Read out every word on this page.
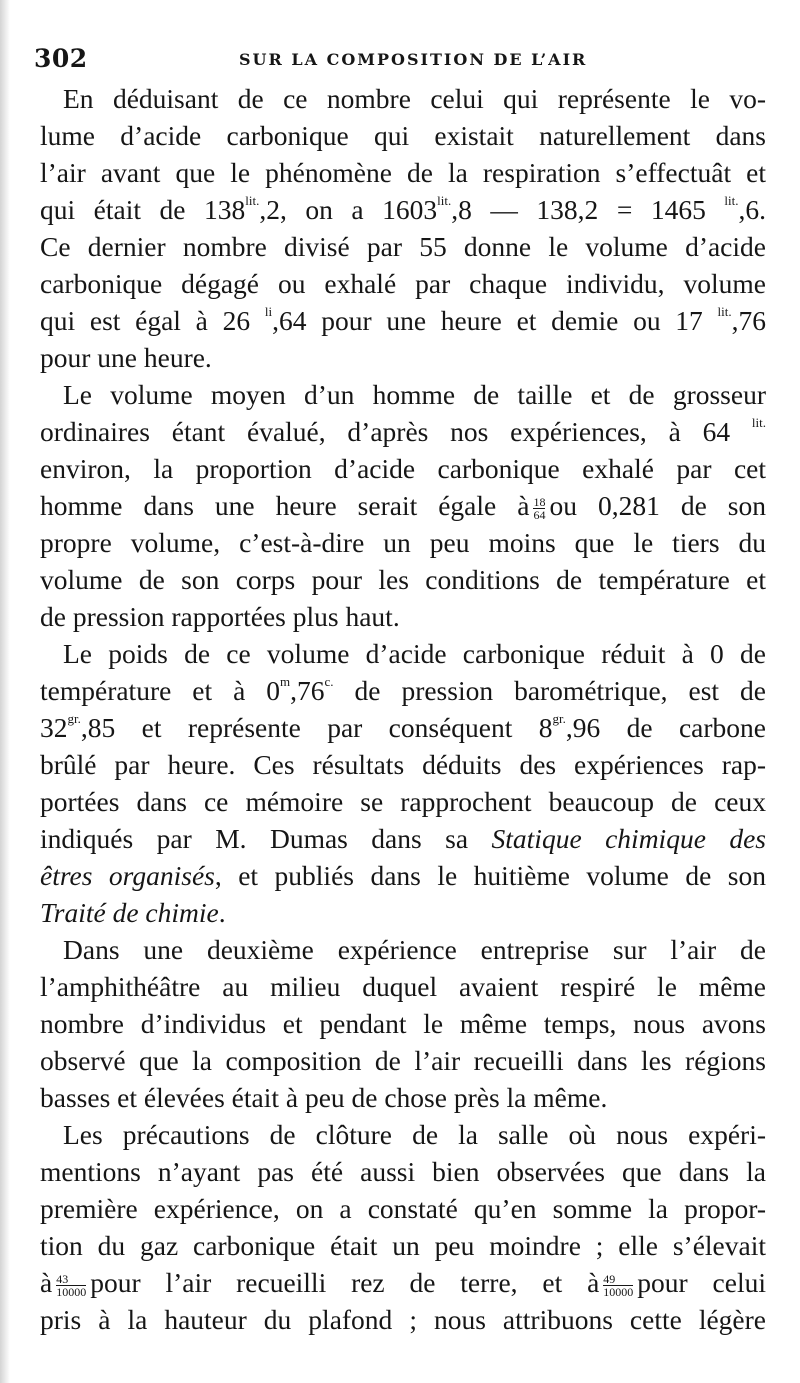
302	SUR LA COMPOSITION DE L’AIR
En déduisant de ce nombre celui qui représente le vo-
lume d’acide carbonique qui existait naturellement dans
l’air avant que le phénomène de la respiration s’effectuât et
qui était de $138^{lit.},2$, on a $1603^{lit.},8$ — 138,2 = 1465 $^{lit.}$,6.
Ce dernier nombre divisé par 55 donne le volume d’acide
carbonique dégagé ou exhalé par chaque individu, volume
qui est égal à 26 $^{li}$,64 pour une heure et demie ou 17 $^{lit.}$,76
pour une heure.
Le volume moyen d’un homme de taille et de grosseur
ordinaires étant évalué, d’après nos expériences, à 64 $^{lit.}$
environ, la proportion d’acide carbonique exhalé par cet
homme dans une heure serait égale à $\frac{18}{64}$ ou 0,281 de son
propre volume, c’est-à-dire un peu moins que le tiers du
volume de son corps pour les conditions de température et
de pression rapportées plus haut.
Le poids de ce volume d’acide carbonique réduit à 0 de
température et à $0^m,76^{c.}$ de pression barométrique, est de
$32^{gr.},85$ et représente par conséquent $8^{gr.},96$ de carbone
brûlé par heure. Ces résultats déduits des expériences rap-
portées dans ce mémoire se rapprochent beaucoup de ceux
indiqués par M. Dumas dans sa Statique chimique des
êtres organisés, et publiés dans le huitième volume de son
Traité de chimie.
Dans une deuxième expérience entreprise sur l’air de
l’amphithéâtre au milieu duquel avaient respiré le même
nombre d’individus et pendant le même temps, nous avons
observé que la composition de l’air recueilli dans les régions
basses et élevées était à peu de chose près la même.
Les précautions de clôture de la salle où nous expéri-
mentions n’ayant pas été aussi bien observées que dans la
première expérience, on a constaté qu’en somme la propor-
tion du gaz carbonique était un peu moindre ; elle s’élevait
à $\frac{43}{10000}$ pour l’air recueilli rez de terre, et à $\frac{49}{10000}$ pour celui
pris à la hauteur du plafond ; nous attribuons cette légère
